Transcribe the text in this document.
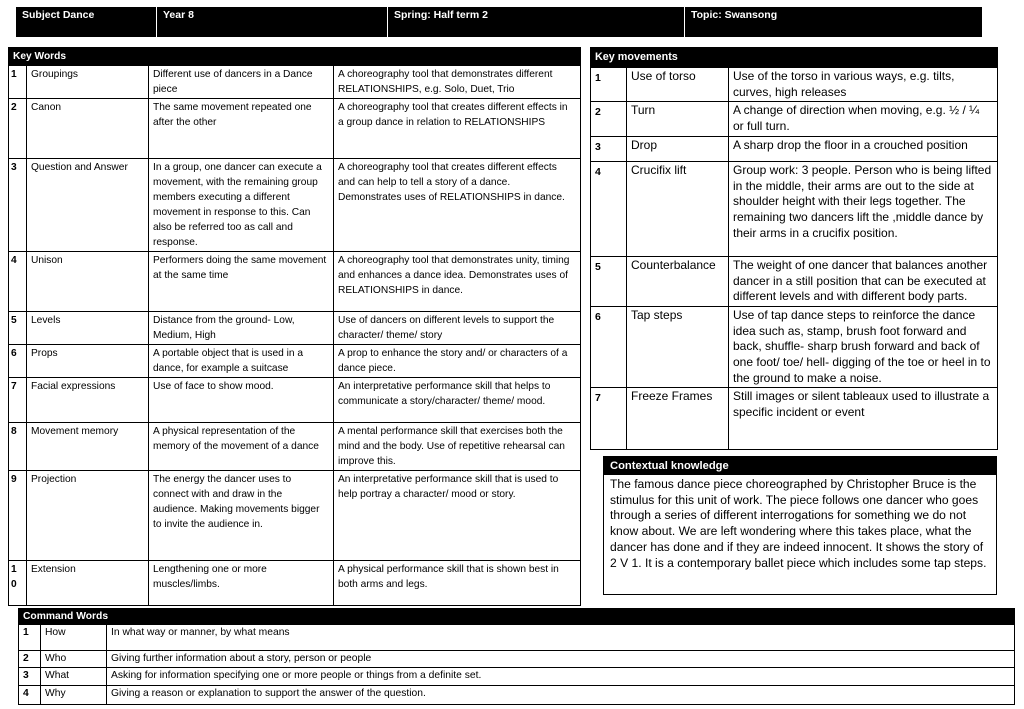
Subject Dance	Year 8	Spring: Half term 2	Topic: Swansong
Key Words			
1	Groupings	Different use of dancers in a Dance piece	A choreography tool that demonstrates different RELATIONSHIPS, e.g. Solo, Duet, Trio
2	Canon	The same movement repeated one after the other	A choreography tool that creates different effects in a group dance in relation to RELATIONSHIPS
3	Question and Answer	In a group, one dancer can execute a movement, with the remaining group members executing a different movement in response to this. Can also be referred too as call and response.	A choreography tool that creates different effects and can help to tell a story of a dance. Demonstrates uses of RELATIONSHIPS in dance.
4	Unison	Performers doing the same movement at the same time	A choreography tool that demonstrates unity, timing and enhances a dance idea. Demonstrates uses of RELATIONSHIPS in dance.
5	Levels	Distance from the ground- Low, Medium, High	Use of dancers on different levels to support the character/ theme/ story
6	Props	A portable object that is used in a dance, for example a suitcase	A prop to enhance the story and/ or characters of a dance piece.
7	Facial expressions	Use of face to show mood.	An interpretative performance skill that helps to communicate a story/character/ theme/ mood.
8	Movement memory	A physical representation of the memory of the movement of a dance	A mental performance skill that exercises both the mind and the body. Use of repetitive rehearsal can improve this.
9	Projection	The energy the dancer uses to connect with and draw in the audience. Making movements bigger to invite the audience in.	An interpretative performance skill that is used to help portray a character/ mood or story.
1 0	Extension	Lengthening one or more muscles/limbs.	A physical performance skill that is shown best in both arms and legs.
Key movements		
1	Use of torso	Use of the torso in various ways, e.g. tilts, curves, high releases
2	Turn	A change of direction when moving, e.g. ½ / ¼ or full turn.
3	Drop	A sharp drop the floor in a crouched position
4	Crucifix lift	Group work: 3 people. Person who is being lifted in the middle, their arms are out to the side at shoulder height with their legs together. The remaining two dancers lift the ,middle dance by their arms in a crucifix position.
5	Counterbalance	The weight of one dancer that balances another dancer in a still position that can be executed at different levels and with different body parts.
6	Tap steps	Use of tap dance steps to reinforce the dance idea such as, stamp, brush foot forward and back, shuffle- sharp brush forward and back of one foot/ toe/ hell- digging of the toe or heel in to the ground to make a noise.
7	Freeze Frames	Still images or silent tableaux used to illustrate a specific incident or event
Contextual knowledge
The famous dance piece choreographed by Christopher Bruce is the stimulus for this unit of work. The piece follows one dancer who goes through a series of different interrogations for something we do not know about. We are left wondering where this takes place, what the dancer has done and if they are indeed innocent. It shows the story of 2 V 1. It is a contemporary ballet piece which includes some tap steps.
Command Words		
1	How	In what way or manner, by what means
2	Who	Giving further information about a story, person or people
3	What	Asking for information specifying one or more people or things from a definite set.
4	Why	Giving a reason or explanation to support the answer of the question.
